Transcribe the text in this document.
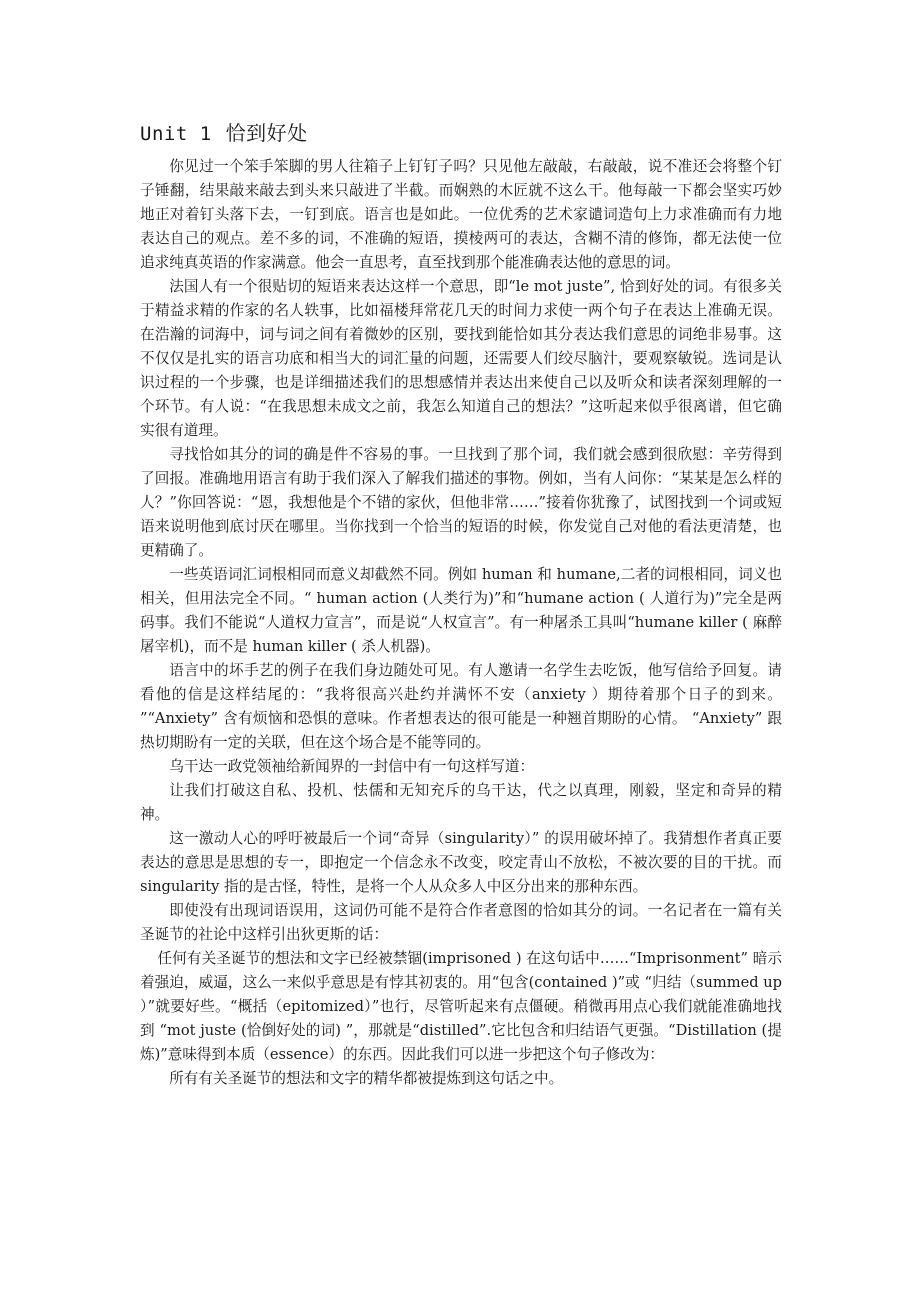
Unit 1 恰到好处

你见过一个笨手笨脚的男人往箱子上钉钉子吗？只见他左敲敲，右敲敲，说不准还会将整个钉子锤翻，结果敲来敲去到头来只敲进了半截。而娴熟的木匠就不这么干。他每敲一下都会坚实巧妙地正对着钉头落下去，一钉到底。语言也是如此。一位优秀的艺术家谴词造句上力求准确而有力地表达自己的观点。差不多的词，不准确的短语，摸棱两可的表达，含糊不清的修饰，都无法使一位追求纯真英语的作家满意。他会一直思考，直至找到那个能准确表达他的意思的词。

法国人有一个很贴切的短语来表达这样一个意思，即“le mot juste”, 恰到好处的词。有很多关于精益求精的作家的名人轶事，比如福楼拜常花几天的时间力求使一两个句子在表达上准确无误。在浩瀚的词海中，词与词之间有着微妙的区别，要找到能恰如其分表达我们意思的词绝非易事。这不仅仅是扎实的语言功底和相当大的词汇量的问题，还需要人们绞尽脑汁，要观察敏锐。选词是认识过程的一个步骤，也是详细描述我们的思想感情并表达出来使自己以及听众和读者深刻理解的一个环节。有人说：“在我思想未成文之前，我怎么知道自己的想法？”这听起来似乎很离谱，但它确实很有道理。

寻找恰如其分的词的确是件不容易的事。一旦找到了那个词，我们就会感到很欣慰：辛劳得到了回报。准确地用语言有助于我们深入了解我们描述的事物。例如，当有人问你：“某某是怎么样的人？”你回答说：“恩，我想他是个不错的家伙，但他非常……”接着你犹豫了，试图找到一个词或短语来说明他到底讨厌在哪里。当你找到一个恰当的短语的时候，你发觉自己对他的看法更清楚，也更精确了。

一些英语词汇词根相同而意义却截然不同。例如 human 和 humane,二者的词根相同，词义也相关，但用法完全不同。“ human action (人类行为)”和“humane action ( 人道行为)”完全是两码事。我们不能说“人道权力宣言”，而是说“人权宣言”。有一种屠杀工具叫“humane killer ( 麻醉屠宰机)，而不是 human killer ( 杀人机器)。

语言中的坏手艺的例子在我们身边随处可见。有人邀请一名学生去吃饭，他写信给予回复。请看他的信是这样结尾的：“我将很高兴赴约并满怀不安（anxiety ）期待着那个日子的到来。 ”“Anxiety” 含有烦恼和恐惧的意味。作者想表达的很可能是一种翘首期盼的心情。 “Anxiety” 跟热切期盼有一定的关联，但在这个场合是不能等同的。

乌干达一政党领袖给新闻界的一封信中有一句这样写道：

让我们打破这自私、投机、怯儒和无知充斥的乌干达，代之以真理，刚毅，坚定和奇异的精神。

这一激动人心的呼吁被最后一个词“奇异（singularity）” 的误用破坏掉了。我猜想作者真正要表达的意思是思想的专一，即抱定一个信念永不改变，咬定青山不放松，不被次要的目的干扰。而 singularity 指的是古怪，特性，是将一个人从众多人中区分出来的那种东西。

即使没有出现词语误用，这词仍可能不是符合作者意图的恰如其分的词。一名记者在一篇有关圣诞节的社论中这样引出狄更斯的话：

任何有关圣诞节的想法和文字已经被禁锢(imprisoned ) 在这句话中……“Imprisonment” 暗示着强迫，威逼，这么一来似乎意思是有悖其初衷的。用“包含(contained )”或 “归结（summed up ）”就要好些。“概括（epitomized）”也行，尽管听起来有点僵硬。稍微再用点心我们就能准确地找到 “mot juste (恰倒好处的词) ”，那就是“distilled”.它比包含和归结语气更强。“Distillation (提炼)”意味得到本质（essence）的东西。因此我们可以进一步把这个句子修改为：

所有有关圣诞节的想法和文字的精华都被提炼到这句话之中。
